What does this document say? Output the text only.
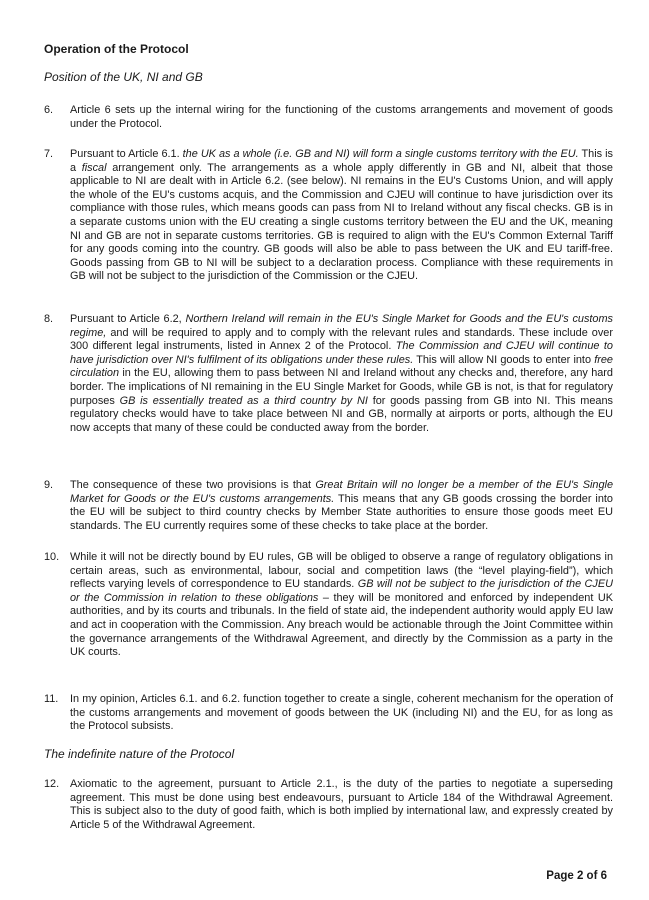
Operation of the Protocol
Position of the UK, NI and GB
6. Article 6 sets up the internal wiring for the functioning of the customs arrangements and movement of goods under the Protocol.
7. Pursuant to Article 6.1. the UK as a whole (i.e. GB and NI) will form a single customs territory with the EU. This is a fiscal arrangement only. The arrangements as a whole apply differently in GB and NI, albeit that those applicable to NI are dealt with in Article 6.2. (see below). NI remains in the EU's Customs Union, and will apply the whole of the EU's customs acquis, and the Commission and CJEU will continue to have jurisdiction over its compliance with those rules, which means goods can pass from NI to Ireland without any fiscal checks. GB is in a separate customs union with the EU creating a single customs territory between the EU and the UK, meaning NI and GB are not in separate customs territories. GB is required to align with the EU's Common External Tariff for any goods coming into the country. GB goods will also be able to pass between the UK and EU tariff-free. Goods passing from GB to NI will be subject to a declaration process. Compliance with these requirements in GB will not be subject to the jurisdiction of the Commission or the CJEU.
8. Pursuant to Article 6.2, Northern Ireland will remain in the EU's Single Market for Goods and the EU's customs regime, and will be required to apply and to comply with the relevant rules and standards. These include over 300 different legal instruments, listed in Annex 2 of the Protocol. The Commission and CJEU will continue to have jurisdiction over NI's fulfilment of its obligations under these rules. This will allow NI goods to enter into free circulation in the EU, allowing them to pass between NI and Ireland without any checks and, therefore, any hard border. The implications of NI remaining in the EU Single Market for Goods, while GB is not, is that for regulatory purposes GB is essentially treated as a third country by NI for goods passing from GB into NI. This means regulatory checks would have to take place between NI and GB, normally at airports or ports, although the EU now accepts that many of these could be conducted away from the border.
9. The consequence of these two provisions is that Great Britain will no longer be a member of the EU's Single Market for Goods or the EU's customs arrangements. This means that any GB goods crossing the border into the EU will be subject to third country checks by Member State authorities to ensure those goods meet EU standards. The EU currently requires some of these checks to take place at the border.
10. While it will not be directly bound by EU rules, GB will be obliged to observe a range of regulatory obligations in certain areas, such as environmental, labour, social and competition laws (the “level playing-field”), which reflects varying levels of correspondence to EU standards. GB will not be subject to the jurisdiction of the CJEU or the Commission in relation to these obligations – they will be monitored and enforced by independent UK authorities, and by its courts and tribunals. In the field of state aid, the independent authority would apply EU law and act in cooperation with the Commission. Any breach would be actionable through the Joint Committee within the governance arrangements of the Withdrawal Agreement, and directly by the Commission as a party in the UK courts.
11. In my opinion, Articles 6.1. and 6.2. function together to create a single, coherent mechanism for the operation of the customs arrangements and movement of goods between the UK (including NI) and the EU, for as long as the Protocol subsists.
The indefinite nature of the Protocol
12. Axiomatic to the agreement, pursuant to Article 2.1., is the duty of the parties to negotiate a superseding agreement. This must be done using best endeavours, pursuant to Article 184 of the Withdrawal Agreement. This is subject also to the duty of good faith, which is both implied by international law, and expressly created by Article 5 of the Withdrawal Agreement.
Page 2 of 6
